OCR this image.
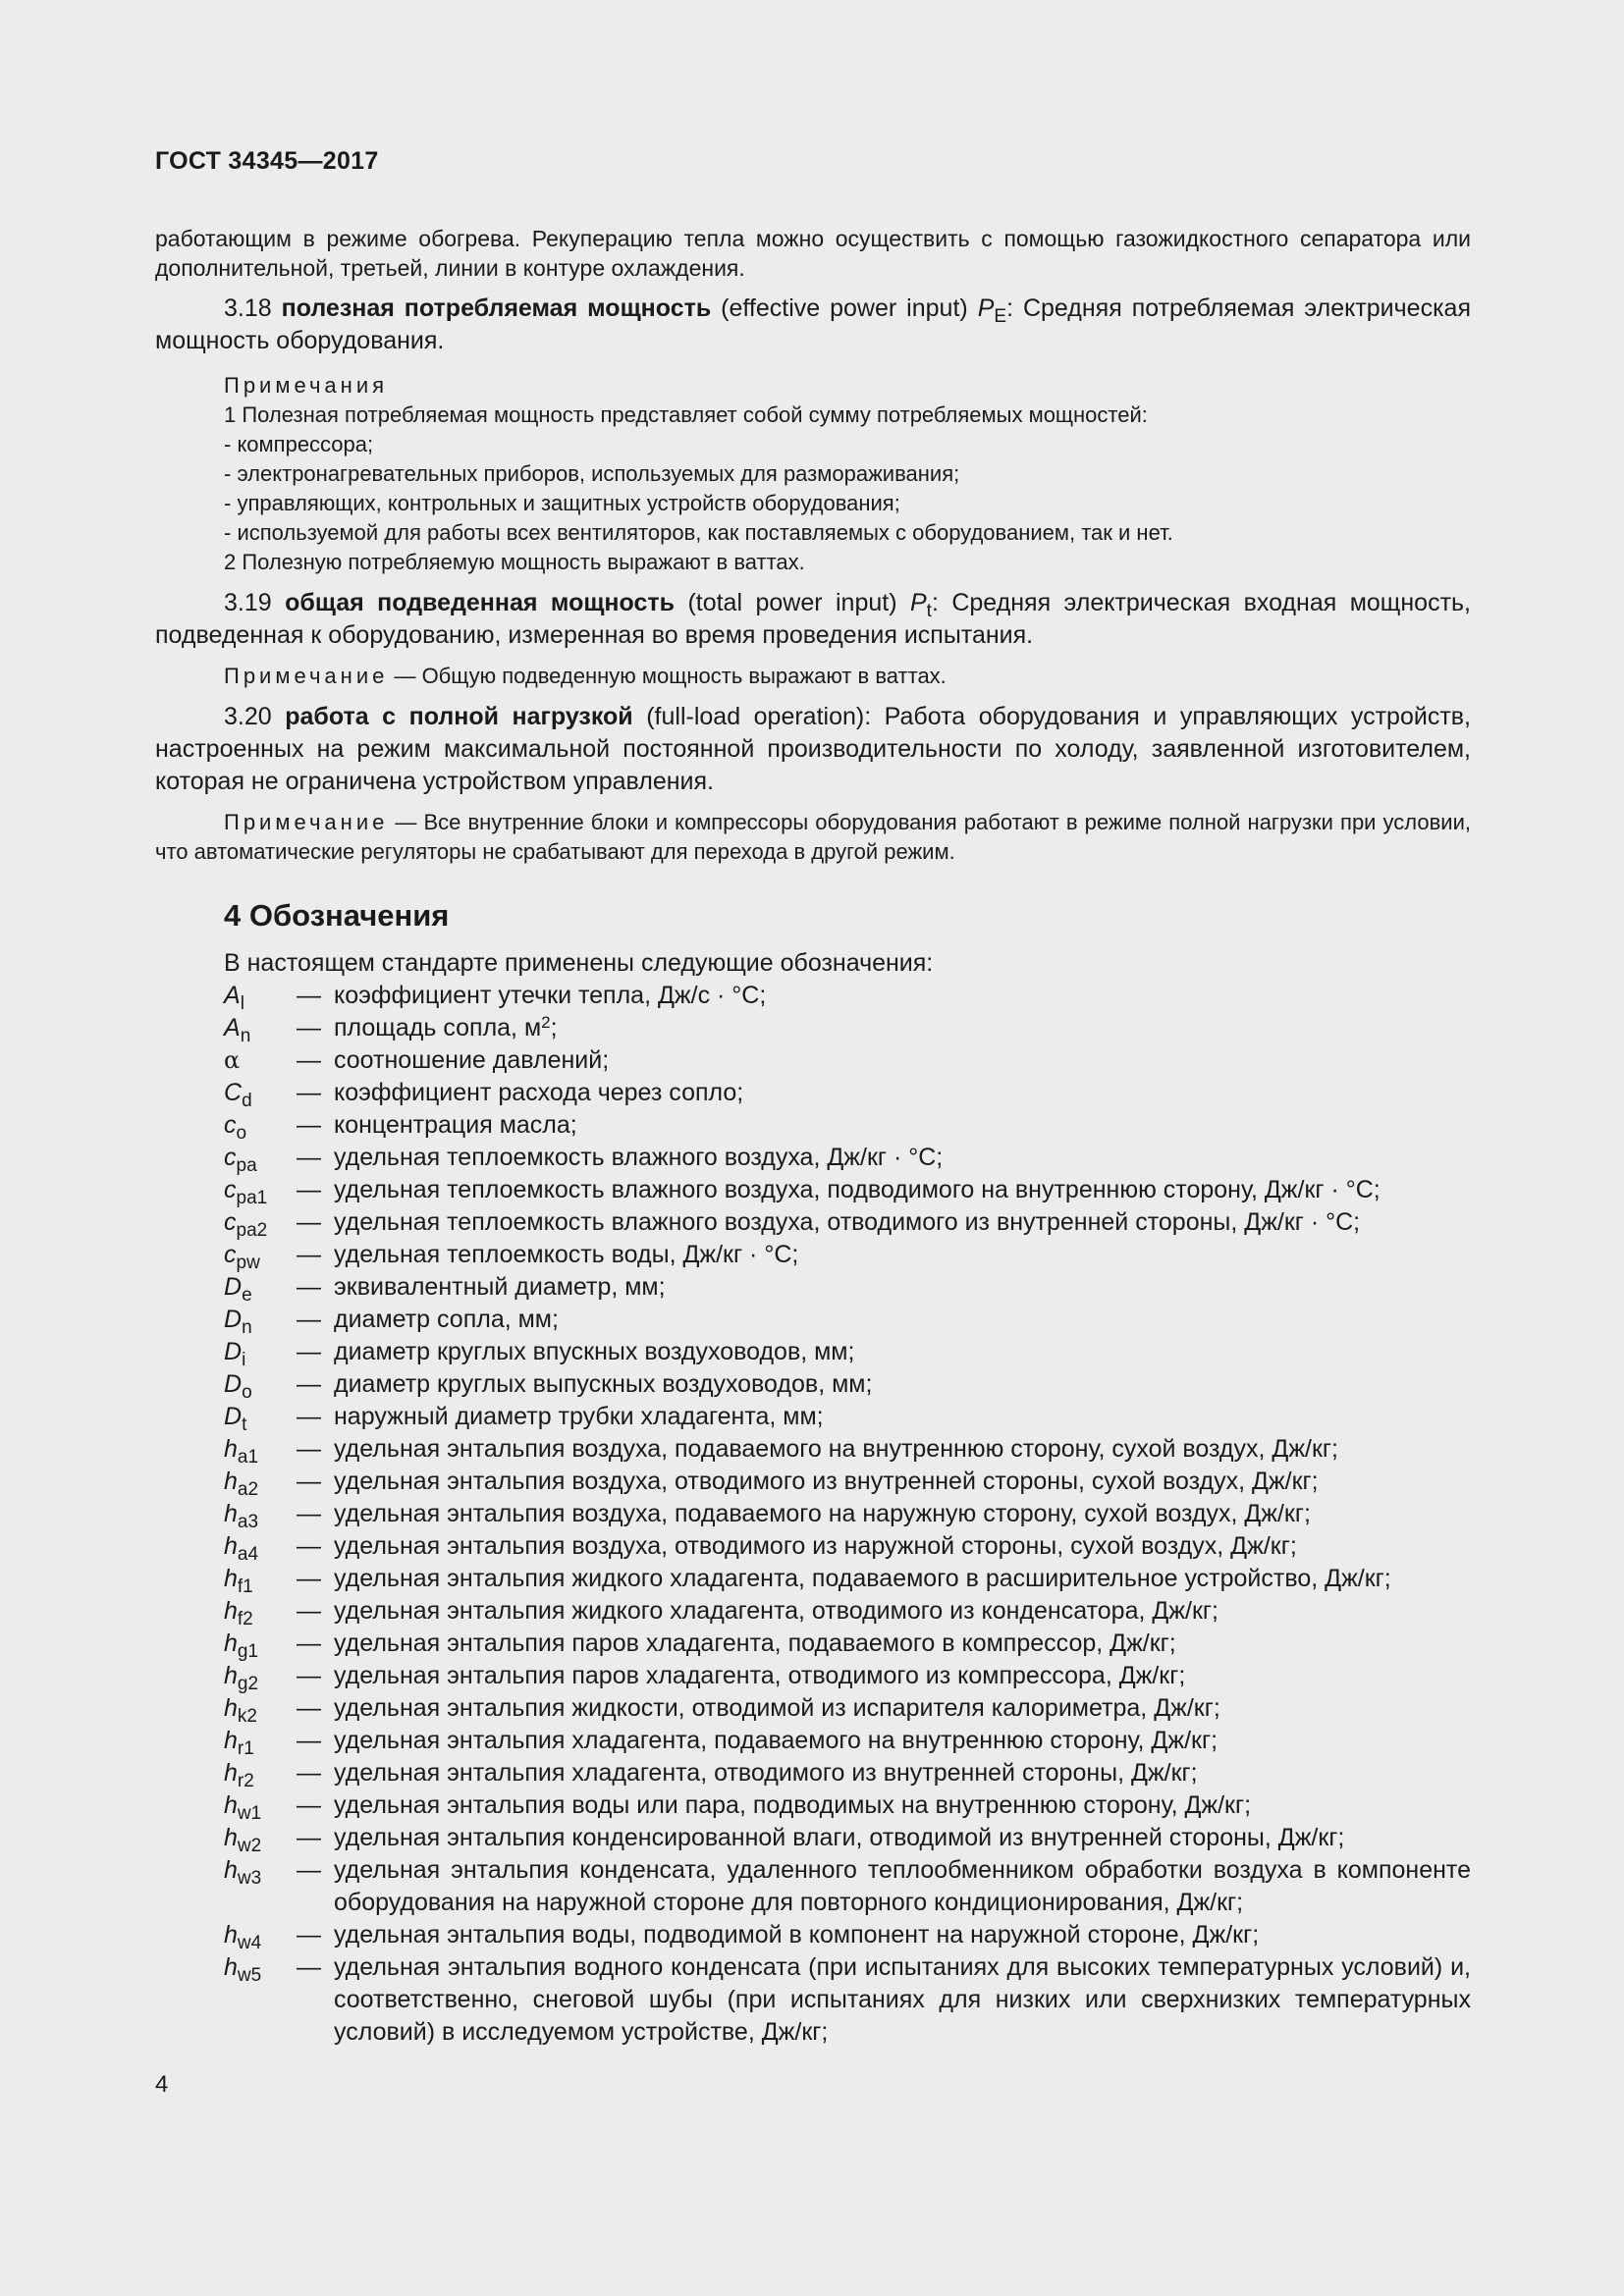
ГОСТ 34345—2017

работающим в режиме обогрева. Рекуперацию тепла можно осуществить с помощью газожидкостного сепаратора или дополнительной, третьей, линии в контуре охлаждения.

3.18 полезная потребляемая мощность (effective power input) $P_E$: Средняя потребляемая электрическая мощность оборудования.

Примечания
1 Полезная потребляемая мощность представляет собой сумму потребляемых мощностей:
- компрессора;
- электронагревательных приборов, используемых для размораживания;
- управляющих, контрольных и защитных устройств оборудования;
- используемой для работы всех вентиляторов, как поставляемых с оборудованием, так и нет.
2 Полезную потребляемую мощность выражают в ваттах.

3.19 общая подведенная мощность (total power input) $P_t$: Средняя электрическая входная мощность, подведенная к оборудованию, измеренная во время проведения испытания.

Примечание — Общую подведенную мощность выражают в ваттах.

3.20 работа с полной нагрузкой (full-load operation): Работа оборудования и управляющих устройств, настроенных на режим максимальной постоянной производительности по холоду, заявленной изготовителем, которая не ограничена устройством управления.

Примечание — Все внутренние блоки и компрессоры оборудования работают в режиме полной нагрузки при условии, что автоматические регуляторы не срабатывают для перехода в другой режим.

4 Обозначения
В настоящем стандарте применены следующие обозначения:
$A_l$	— коэффициент утечки тепла, Дж/с · °С;
$A_n$	— площадь сопла, $м^2$;
α	— соотношение давлений;
$C_d$	— коэффициент расхода через сопло;
$c_o$	— концентрация масла;
$c_{pa}$	— удельная теплоемкость влажного воздуха, Дж/кг · °С;
$c_{pa1}$	— удельная теплоемкость влажного воздуха, подводимого на внутреннюю сторону, Дж/кг · °С;
$c_{pa2}$	— удельная теплоемкость влажного воздуха, отводимого из внутренней стороны, Дж/кг · °С;
$c_{pw}$	— удельная теплоемкость воды, Дж/кг · °С;
$D_e$	— эквивалентный диаметр, мм;
$D_n$	— диаметр сопла, мм;
$D_i$	— диаметр круглых впускных воздуховодов, мм;
$D_o$	— диаметр круглых выпускных воздуховодов, мм;
$D_t$	— наружный диаметр трубки хладагента, мм;
$h_{a1}$	— удельная энтальпия воздуха, подаваемого на внутреннюю сторону, сухой воздух, Дж/кг;
$h_{a2}$	— удельная энтальпия воздуха, отводимого из внутренней стороны, сухой воздух, Дж/кг;
$h_{a3}$	— удельная энтальпия воздуха, подаваемого на наружную сторону, сухой воздух, Дж/кг;
$h_{a4}$	— удельная энтальпия воздуха, отводимого из наружной стороны, сухой воздух, Дж/кг;
$h_{f1}$	— удельная энтальпия жидкого хладагента, подаваемого в расширительное устройство, Дж/кг;
$h_{f2}$	— удельная энтальпия жидкого хладагента, отводимого из конденсатора, Дж/кг;
$h_{g1}$	— удельная энтальпия паров хладагента, подаваемого в компрессор, Дж/кг;
$h_{g2}$	— удельная энтальпия паров хладагента, отводимого из компрессора, Дж/кг;
$h_{k2}$	— удельная энтальпия жидкости, отводимой из испарителя калориметра, Дж/кг;
$h_{r1}$	— удельная энтальпия хладагента, подаваемого на внутреннюю сторону, Дж/кг;
$h_{r2}$	— удельная энтальпия хладагента, отводимого из внутренней стороны, Дж/кг;
$h_{w1}$	— удельная энтальпия воды или пара, подводимых на внутреннюю сторону, Дж/кг;
$h_{w2}$	— удельная энтальпия конденсированной влаги, отводимой из внутренней стороны, Дж/кг;
$h_{w3}$	— удельная энтальпия конденсата, удаленного теплообменником обработки воздуха в компоненте оборудования на наружной стороне для повторного кондиционирования, Дж/кг;
$h_{w4}$	— удельная энтальпия воды, подводимой в компонент на наружной стороне, Дж/кг;
$h_{w5}$	— удельная энтальпия водного конденсата (при испытаниях для высоких температурных условий) и, соответственно, снеговой шубы (при испытаниях для низких или сверхнизких температурных условий) в исследуемом устройстве, Дж/кг;
4
